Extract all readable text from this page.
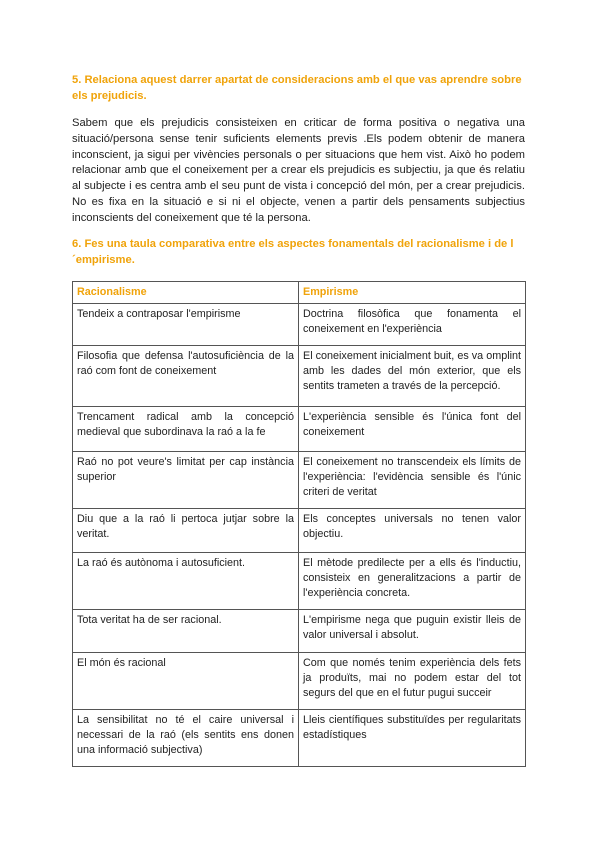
5. Relaciona aquest darrer apartat de consideracions amb el que vas aprendre sobre els prejudicis.

Sabem que els prejudicis consisteixen en criticar de forma positiva o negativa una situació/persona sense tenir suficients elements previs .Els podem obtenir de manera inconscient, ja sigui per vivències personals o per situacions que hem vist. Això ho podem relacionar amb que el coneixement per a crear els prejudicis es subjectiu, ja que és relatiu al subjecte i es centra amb el seu punt de vista i concepció del món, per a crear prejudicis. No es fixa en la situació e si ni el objecte, venen a partir dels pensaments subjectius inconscients del coneixement que té la persona.

6. Fes una taula comparativa entre els aspectes fonamentals del racionalisme i de l´empirisme.

Racionalisme	Empirisme
Tendeix a contraposar l'empirisme	Doctrina filosòfica que fonamenta el coneixement en l'experiència
Filosofia que defensa l'autosuficiència de la raó com font de coneixement	El coneixement inicialment buit, es va omplint amb les dades del món exterior, que els sentits trameten a través de la percepció.
Trencament radical amb la concepció medieval que subordinava la raó a la fe	L'experiència sensible és l'única font del coneixement
Raó no pot veure's limitat per cap instància superior	El coneixement no transcendeix els límits de l'experiència: l'evidència sensible és l'únic criteri de veritat
Diu que a la raó li pertoca jutjar sobre la veritat.	Els conceptes universals no tenen valor objectiu.
La raó és autònoma i autosuficient.	El mètode predilecte per a ells és l'inductiu, consisteix en generalitzacions a partir de l'experiència concreta.
Tota veritat ha de ser racional.	L'empirisme nega que puguin existir lleis de valor universal i absolut.
El món és racional	Com que només tenim experiència dels fets ja produïts, mai no podem estar del tot segurs del que en el futur pugui succeir
La sensibilitat no té el caire universal i necessari de la raó (els sentits ens donen una informació subjectiva)	Lleis científiques substituïdes per regularitats estadístiques
